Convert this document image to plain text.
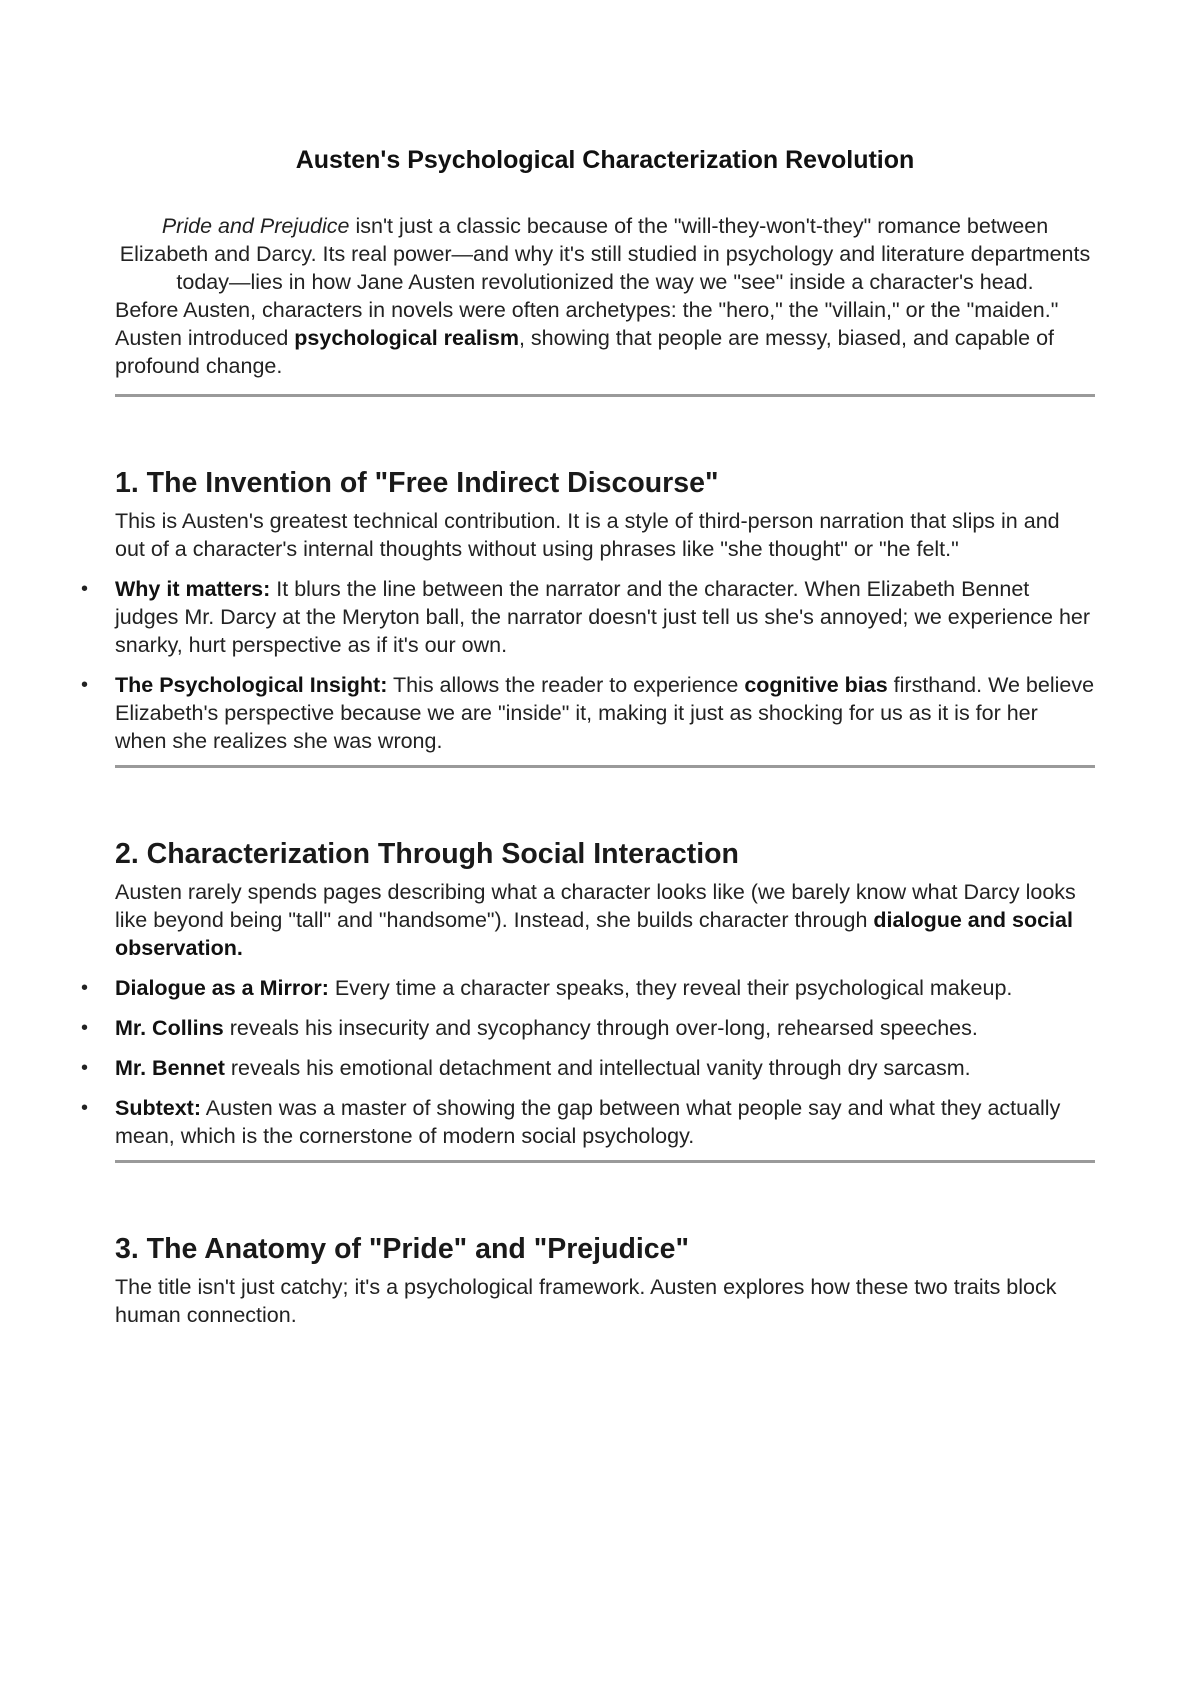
Austen's Psychological Characterization Revolution

Pride and Prejudice isn't just a classic because of the "will-they-won't-they" romance between Elizabeth and Darcy. Its real power—and why it's still studied in psychology and literature departments today—lies in how Jane Austen revolutionized the way we "see" inside a character's head.

Before Austen, characters in novels were often archetypes: the "hero," the "villain," or the "maiden." Austen introduced psychological realism, showing that people are messy, biased, and capable of profound change.

1. The Invention of "Free Indirect Discourse"

This is Austen's greatest technical contribution. It is a style of third-person narration that slips in and out of a character's internal thoughts without using phrases like "she thought" or "he felt."

• Why it matters: It blurs the line between the narrator and the character. When Elizabeth Bennet judges Mr. Darcy at the Meryton ball, the narrator doesn't just tell us she's annoyed; we experience her snarky, hurt perspective as if it's our own.
• The Psychological Insight: This allows the reader to experience cognitive bias firsthand. We believe Elizabeth's perspective because we are "inside" it, making it just as shocking for us as it is for her when she realizes she was wrong.
2. Characterization Through Social Interaction

Austen rarely spends pages describing what a character looks like (we barely know what Darcy looks like beyond being "tall" and "handsome"). Instead, she builds character through dialogue and social observation.

• Dialogue as a Mirror: Every time a character speaks, they reveal their psychological makeup.
• Mr. Collins reveals his insecurity and sycophancy through over-long, rehearsed speeches.
• Mr. Bennet reveals his emotional detachment and intellectual vanity through dry sarcasm.
• Subtext: Austen was a master of showing the gap between what people say and what they actually mean, which is the cornerstone of modern social psychology.
3. The Anatomy of "Pride" and "Prejudice"

The title isn't just catchy; it's a psychological framework. Austen explores how these two traits block human connection.
